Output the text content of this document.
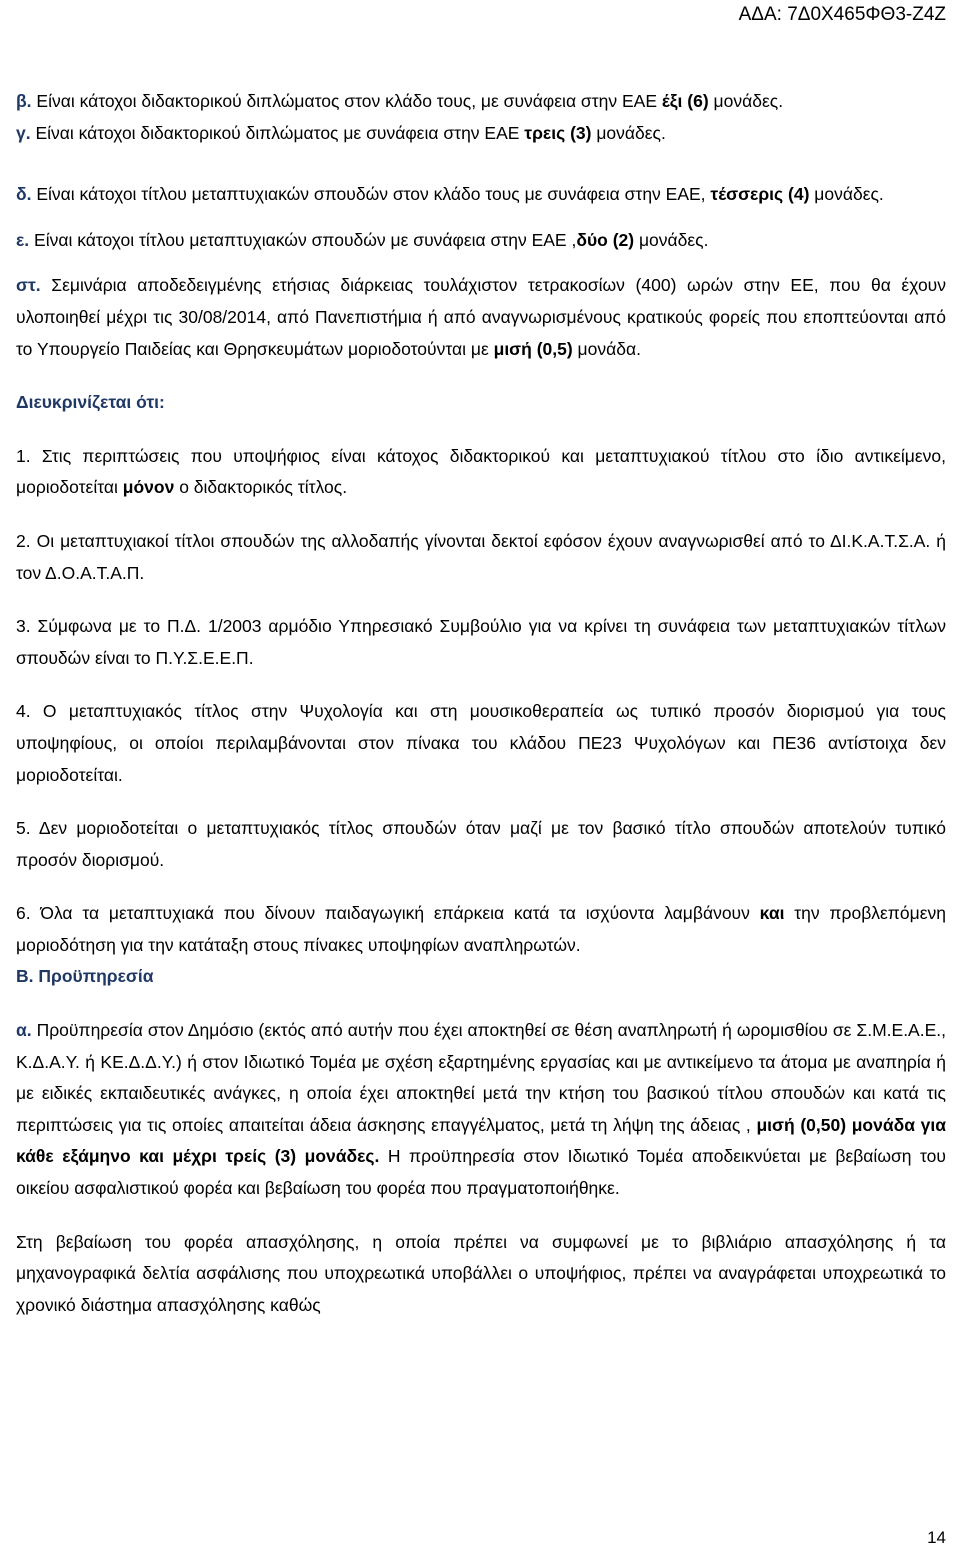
ΑΔΑ: 7Δ0Χ465ΦΘ3-Ζ4Ζ

β. Είναι κάτοχοι διδακτορικού διπλώματος στον κλάδο τους, με συνάφεια στην ΕΑΕ έξι (6) μονάδες.

γ. Είναι κάτοχοι διδακτορικού διπλώματος με συνάφεια στην ΕΑΕ τρεις (3) μονάδες.

δ. Είναι κάτοχοι τίτλου μεταπτυχιακών σπουδών στον κλάδο τους με συνάφεια στην ΕΑΕ, τέσσερις (4) μονάδες.

ε. Είναι κάτοχοι τίτλου μεταπτυχιακών σπουδών με συνάφεια στην ΕΑΕ ,δύο (2) μονάδες.

στ. Σεμινάρια αποδεδειγμένης ετήσιας διάρκειας τουλάχιστον τετρακοσίων (400) ωρών στην ΕΕ, που θα έχουν υλοποιηθεί μέχρι τις 30/08/2014, από Πανεπιστήμια ή από αναγνωρισμένους κρατικούς φορείς που εποπτεύονται από το Υπουργείο Παιδείας και Θρησκευμάτων μοριοδοτούνται με μισή (0,5) μονάδα.

Διευκρινίζεται ότι:

1. Στις περιπτώσεις που υποψήφιος είναι κάτοχος διδακτορικού και μεταπτυχιακού τίτλου στο ίδιο αντικείμενο, μοριοδοτείται μόνον ο διδακτορικός τίτλος.

2. Οι μεταπτυχιακοί τίτλοι σπουδών της αλλοδαπής γίνονται δεκτοί εφόσον έχουν αναγνωρισθεί από το ΔΙ.Κ.Α.Τ.Σ.Α. ή τον Δ.Ο.Α.Τ.Α.Π.

3. Σύμφωνα με το Π.Δ. 1/2003 αρμόδιο Υπηρεσιακό Συμβούλιο για να κρίνει τη συνάφεια των μεταπτυχιακών τίτλων σπουδών είναι το Π.Υ.Σ.Ε.Ε.Π.

4. Ο μεταπτυχιακός τίτλος στην Ψυχολογία και στη μουσικοθεραπεία ως τυπικό προσόν διορισμού για τους υποψηφίους, οι οποίοι περιλαμβάνονται στον πίνακα του κλάδου ΠΕ23 Ψυχολόγων και ΠΕ36 αντίστοιχα δεν μοριοδοτείται.

5. Δεν μοριοδοτείται ο μεταπτυχιακός τίτλος σπουδών όταν μαζί με τον βασικό τίτλο σπουδών αποτελούν τυπικό προσόν διορισμού.

6. Όλα τα μεταπτυχιακά που δίνουν παιδαγωγική επάρκεια κατά τα ισχύοντα λαμβάνουν και την προβλεπόμενη μοριοδότηση για την κατάταξη στους πίνακες υποψηφίων αναπληρωτών.

Β. Προϋπηρεσία

α. Προϋπηρεσία στον Δημόσιο (εκτός από αυτήν που έχει αποκτηθεί σε θέση αναπληρωτή ή ωρομισθίου σε Σ.Μ.Ε.Α.Ε., Κ.Δ.Α.Υ. ή ΚΕ.Δ.Δ.Υ.) ή στον Ιδιωτικό Τομέα με σχέση εξαρτημένης εργασίας και με αντικείμενο τα άτομα με αναπηρία ή με ειδικές εκπαιδευτικές ανάγκες, η οποία έχει αποκτηθεί μετά την κτήση του βασικού τίτλου σπουδών και κατά τις περιπτώσεις για τις οποίες απαιτείται άδεια άσκησης επαγγέλματος, μετά τη λήψη της άδειας , μισή (0,50) μονάδα για κάθε εξάμηνο και μέχρι τρείς (3) μονάδες. Η προϋπηρεσία στον Ιδιωτικό Τομέα αποδεικνύεται με βεβαίωση του οικείου ασφαλιστικού φορέα και βεβαίωση του φορέα που πραγματοποιήθηκε.

Στη βεβαίωση του φορέα απασχόλησης, η οποία πρέπει να συμφωνεί με το βιβλιάριο απασχόλησης ή τα μηχανογραφικά δελτία ασφάλισης που υποχρεωτικά υποβάλλει ο υποψήφιος, πρέπει να αναγράφεται υποχρεωτικά το χρονικό διάστημα απασχόλησης καθώς

14
